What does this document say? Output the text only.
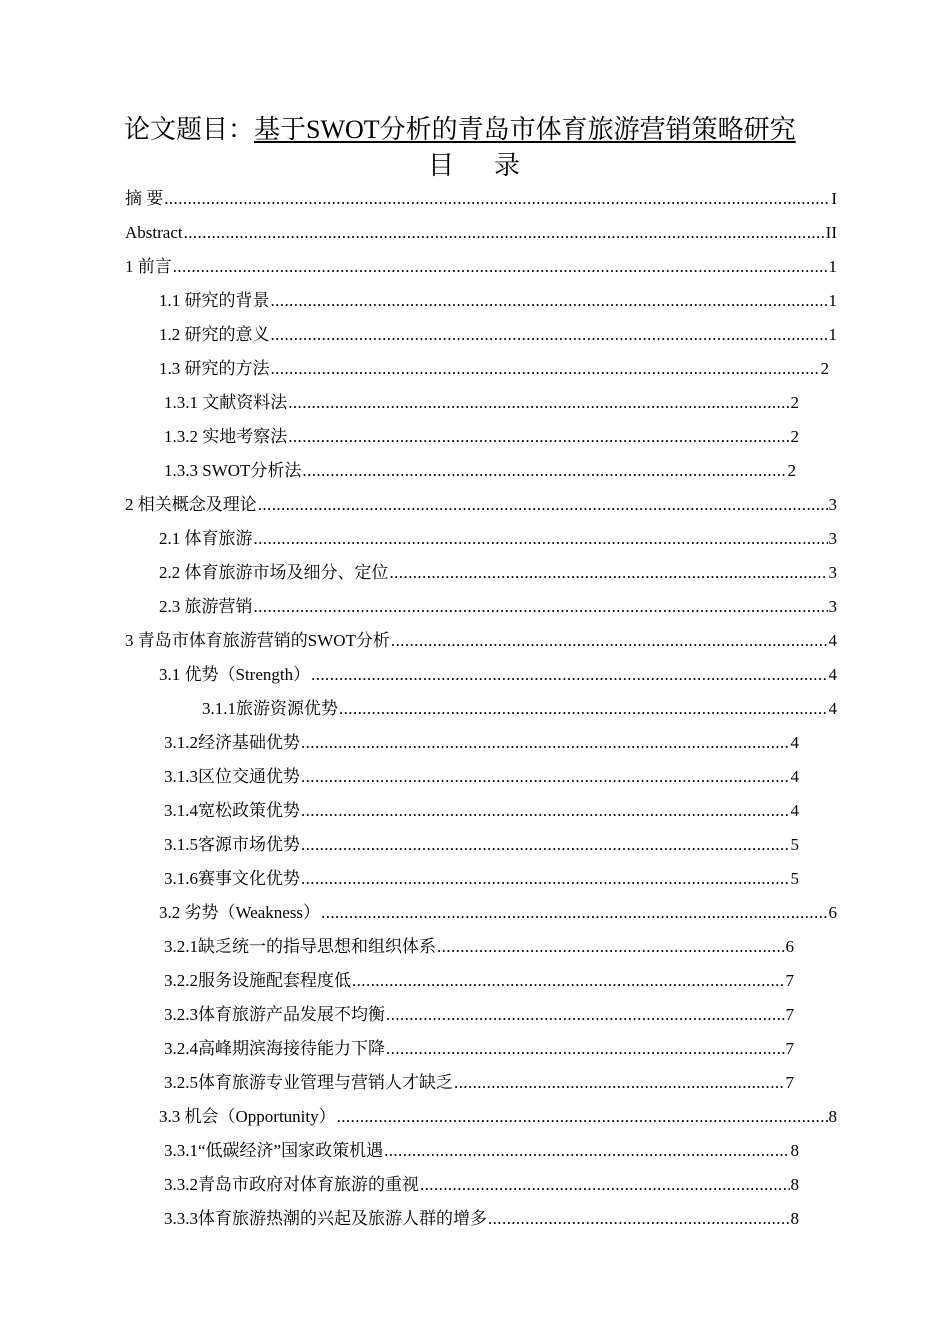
论文题目：基于SWOT分析的青岛市体育旅游营销策略研究
目 录
摘 要 .....	I
Abstract .....	II
1 前言 .....	1
1.1 研究的背景 .....	1
1.2 研究的意义 .....	1
1.3 研究的方法 .....	2
1.3.1 文献资料法 .....	2
1.3.2 实地考察法 .....	2
1.3.3 SWOT分析法 .....	2
2 相关概念及理论 .....	3
2.1 体育旅游 .....	3
2.2 体育旅游市场及细分、定位 .....	3
2.3 旅游营销 .....	3
3 青岛市体育旅游营销的SWOT分析 .....	4
3.1 优势（Strength） .....	4
3.1.1旅游资源优势 .....	4
3.1.2经济基础优势 .....	4
3.1.3区位交通优势 .....	4
3.1.4宽松政策优势 .....	4
3.1.5客源市场优势 .....	5
3.1.6赛事文化优势 .....	5
3.2 劣势（Weakness） .....	6
3.2.1缺乏统一的指导思想和组织体系 .....	6
3.2.2服务设施配套程度低 .....	7
3.2.3体育旅游产品发展不均衡 .....	7
3.2.4高峰期滨海接待能力下降 .....	7
3.2.5体育旅游专业管理与营销人才缺乏 .....	7
3.3 机会（Opportunity） .....	8
3.3.1“低碳经济”国家政策机遇 .....	8
3.3.2青岛市政府对体育旅游的重视 .....	8
3.3.3体育旅游热潮的兴起及旅游人群的增多 .....	8
